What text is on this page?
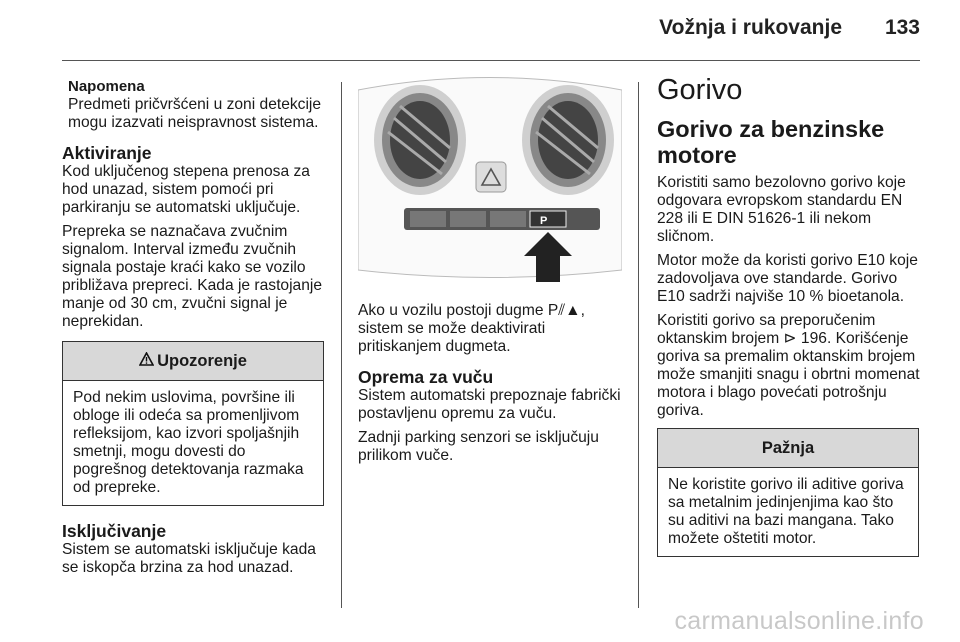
Vožnja i rukovanje 133
Napomena
Predmeti pričvršćeni u zoni detekcije mogu izazvati neispravnost sistema.
Aktiviranje

Kod uključenog stepena prenosa za hod unazad, sistem pomoći pri parkiranju se automatski uključuje.

Prepreka se naznačava zvučnim signalom. Interval između zvučnih signala postaje kraći kako se vozilo približava prepreci. Kada je rastojanje manje od 30 cm, zvučni signal je neprekidan.

Upozorenje
Pod nekim uslovima, površine ili obloge ili odeća sa promenljivom refleksijom, kao izvori spoljašnjih smetnji, mogu dovesti do pogrešnog detektovanja razmaka od prepreke.
Isključivanje

Sistem se automatski isključuje kada se iskopča brzina za hod unazad.

P

Ako u vozilu postoji dugme P⫽▲, sistem se može deaktivirati pritiskanjem dugmeta.

Oprema za vuču

Sistem automatski prepoznaje fabrički postavljenu opremu za vuču.

Zadnji parking senzori se isključuju prilikom vuče.

Gorivo
Gorivo za benzinske motore

Koristiti samo bezolovno gorivo koje odgovara evropskom standardu EN 228 ili E DIN 51626-1 ili nekom sličnom.

Motor može da koristi gorivo E10 koje zadovoljava ove standarde. Gorivo E10 sadrži najviše 10 % bioetanola.

Koristiti gorivo sa preporučenim oktanskim brojem ⊳ 196. Korišćenje goriva sa premalim oktanskim brojem može smanjiti snagu i obrtni momenat motora i blago povećati potrošnju goriva.

Pažnja
Ne koristite gorivo ili aditive goriva sa metalnim jedinjenjima kao što su aditivi na bazi mangana. Tako možete oštetiti motor.
carmanualsonline.info
